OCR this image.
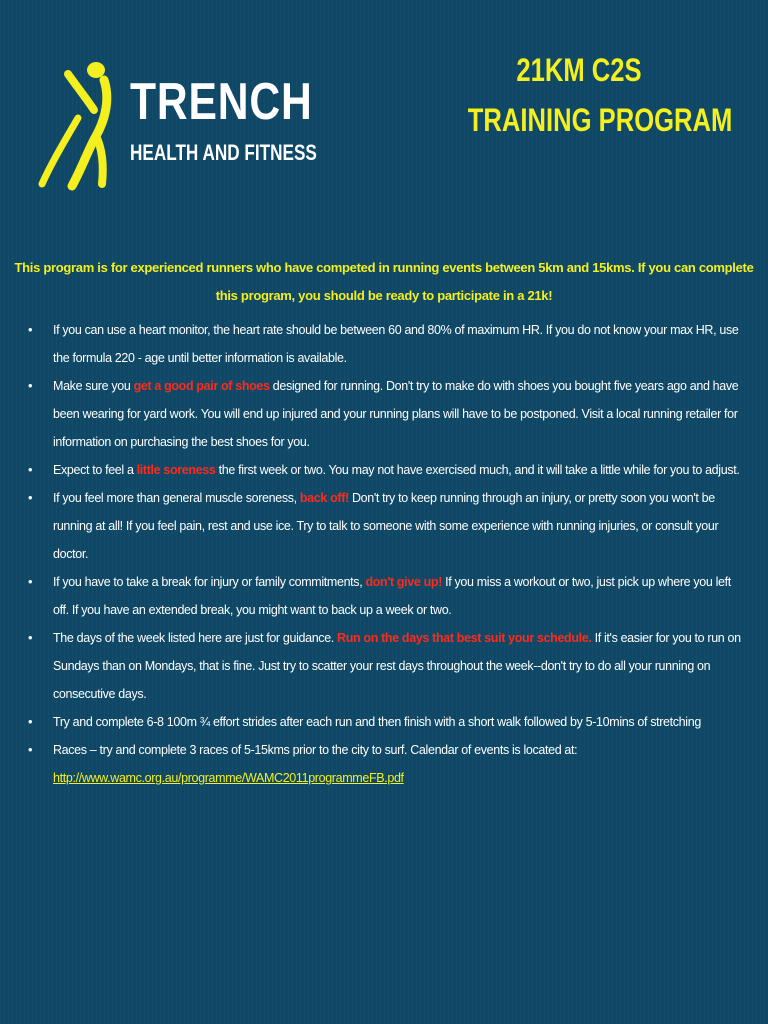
TRENCH
HEALTH AND FITNESS
21KM C2S
TRAINING PROGRAM
This program is for experienced runners who have competed in running events between 5km and 15kms. If you can complete this program, you should be ready to participate in a 21k!
• If you can use a heart monitor, the heart rate should be between 60 and 80% of maximum HR. If you do not know your max HR, use the formula 220 - age until better information is available.
• Make sure you get a good pair of shoes designed for running. Don't try to make do with shoes you bought five years ago and have been wearing for yard work. You will end up injured and your running plans will have to be postponed. Visit a local running retailer for information on purchasing the best shoes for you.
• Expect to feel a little soreness the first week or two. You may not have exercised much, and it will take a little while for you to adjust.
• If you feel more than general muscle soreness, back off! Don't try to keep running through an injury, or pretty soon you won't be running at all! If you feel pain, rest and use ice. Try to talk to someone with some experience with running injuries, or consult your doctor.
• If you have to take a break for injury or family commitments, don't give up! If you miss a workout or two, just pick up where you left off. If you have an extended break, you might want to back up a week or two.
• The days of the week listed here are just for guidance. Run on the days that best suit your schedule. If it's easier for you to run on Sundays than on Mondays, that is fine. Just try to scatter your rest days throughout the week--don't try to do all your running on consecutive days.
• Try and complete 6-8 100m ¾ effort strides after each run and then finish with a short walk followed by 5-10mins of stretching
• Races – try and complete 3 races of 5-15kms prior to the city to surf. Calendar of events is located at:
http://www.wamc.org.au/programme/WAMC2011programmeFB.pdf
